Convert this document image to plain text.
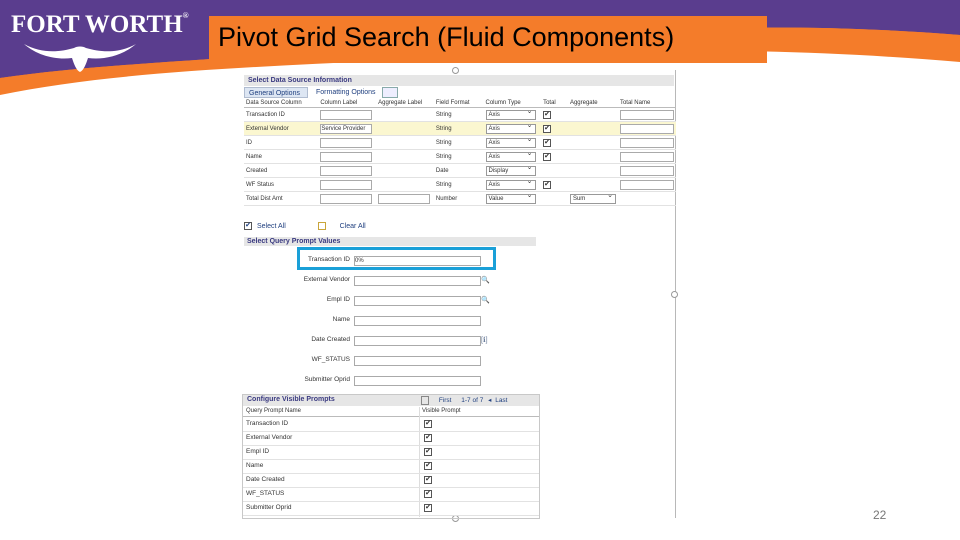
FORT WORTH®
Pivot Grid Search (Fluid Components)
Select Data Source Information
General Options	Formatting Options
Data Source Column	Column Label	Aggregate Label	Field Format	Column Type	Total	Aggregate	Total Name
Transaction ID			String	Axis ⌄	✔		
External Vendor	Service Provider		String	Axis ⌄	✔		
ID			String	Axis ⌄	✔		
Name			String	Axis ⌄	✔		
Created			Date	Display ⌄			
WF Status			String	Axis ⌄	✔		
Total Dist Amt			Number	Value ⌄		Sum ⌄	
✔ Select All	Clear All
Select Query Prompt Values
Transaction ID 0%
External Vendor	🔍
Empl ID	🔍
Name
Date Created	[ℹ]
WF_STATUS
Submitter Oprid
Configure Visible Prompts	First 1-7 of 7 ◂ Last
Query Prompt Name	Visible Prompt
Transaction ID	✔
External Vendor	✔
Empl ID	✔
Name	✔
Date Created	✔
WF_STATUS	✔
Submitter Oprid	✔
22
